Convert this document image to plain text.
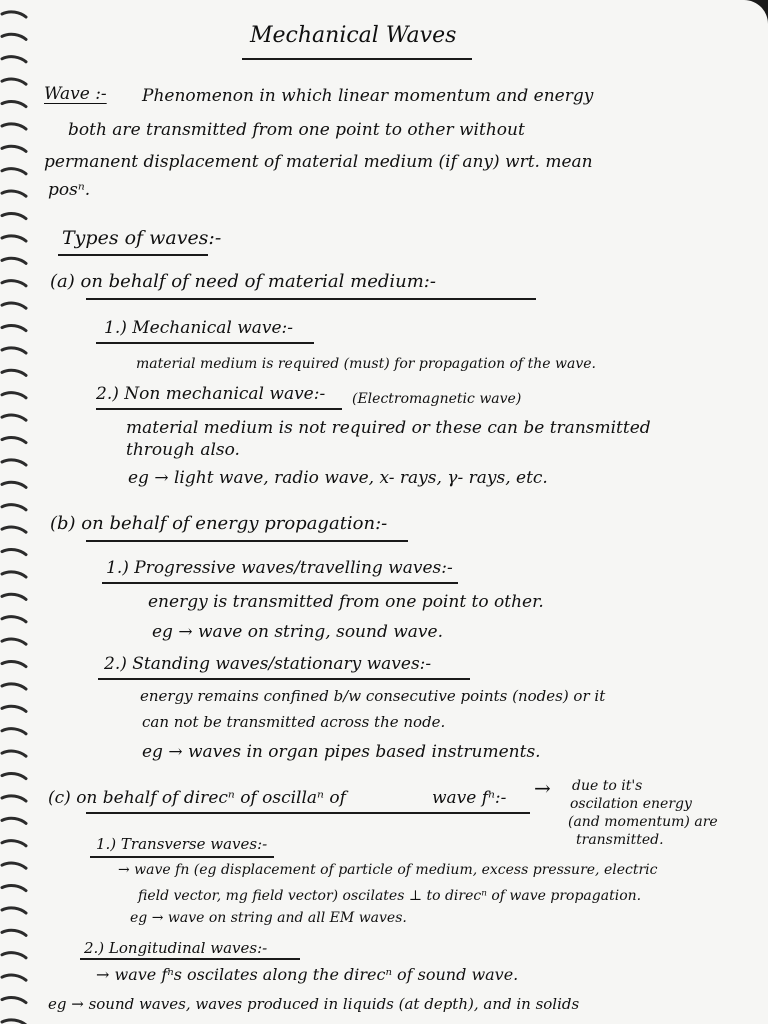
Mechanical Waves
Wave :- Phenomenon in which linear momentum and energy
both are transmitted from one point to other without
permanent displacement of material medium (if any) wrt. mean
posⁿ.
Types of waves:-
(a) on behalf of need of material medium:-
1.) Mechanical wave:-
material medium is required (must) for propagation of the wave.
2.) Non mechanical wave:- (Electromagnetic wave)
material medium is not required or these can be transmitted
through also.
eg → light wave, radio wave, x- rays, γ- rays, etc.
(b) on behalf of energy propagation:-
1.) Progressive waves/travelling waves:-
energy is transmitted from one point to other.
eg → wave on string, sound wave.
2.) Standing waves/stationary waves:-
energy remains confined b/w consecutive points (nodes) or it
can not be transmitted across the node.
eg → waves in organ pipes based instruments.
(c) on behalf of direcⁿ of oscillaⁿ of	wave fⁿ:- → due to it's
oscilation energy
(and momentum) are
transmitted.
1.) Transverse waves:-
→ wave fn (eg displacement of particle of medium, excess pressure, electric
field vector, mg field vector) oscilates ⊥ to direcⁿ of wave propagation.
eg → wave on string and all EM waves.
2.) Longitudinal waves:-
→ wave fⁿs oscilates along the direcⁿ of sound wave.
eg → sound waves, waves produced in liquids (at depth), and in solids
